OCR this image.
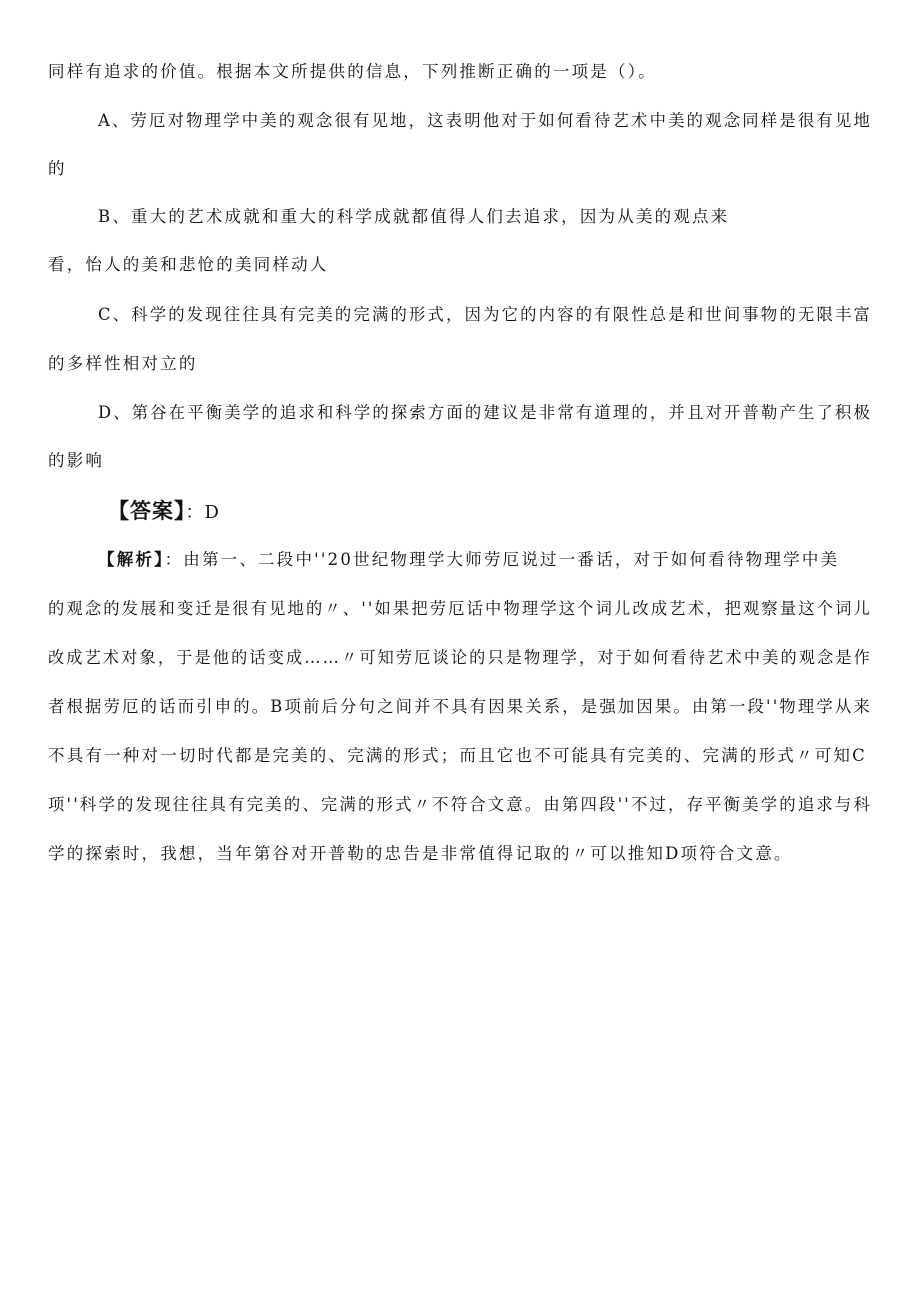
同样有追求的价值。根据本文所提供的信息，下列推断正确的一项是（）。
A、劳厄对物理学中美的观念很有见地，这表明他对于如何看待艺术中美的观念同样是很有见地
的
B、重大的艺术成就和重大的科学成就都值得人们去追求，因为从美的观点来
看，怡人的美和悲怆的美同样动人
C、科学的发现往往具有完美的完满的形式，因为它的内容的有限性总是和世间事物的无限丰富
的多样性相对立的
D、第谷在平衡美学的追求和科学的探索方面的建议是非常有道理的，并且对开普勒产生了积极
的影响
【答案】：D
【解析】：由第一、二段中''20世纪物理学大师劳厄说过一番话，对于如何看待物理学中美
的观念的发展和变迁是很有见地的〃、''如果把劳厄话中物理学这个词儿改成艺术，把观察量这个词儿
改成艺术对象，于是他的话变成……〃可知劳厄谈论的只是物理学，对于如何看待艺术中美的观念是作
者根据劳厄的话而引申的。B项前后分句之间并不具有因果关系，是强加因果。由第一段''物理学从来
不具有一种对一切时代都是完美的、完满的形式；而且它也不可能具有完美的、完满的形式〃可知C
项''科学的发现往往具有完美的、完满的形式〃不符合文意。由第四段''不过，存平衡美学的追求与科
学的探索时，我想，当年第谷对开普勒的忠告是非常值得记取的〃可以推知D项符合文意。
